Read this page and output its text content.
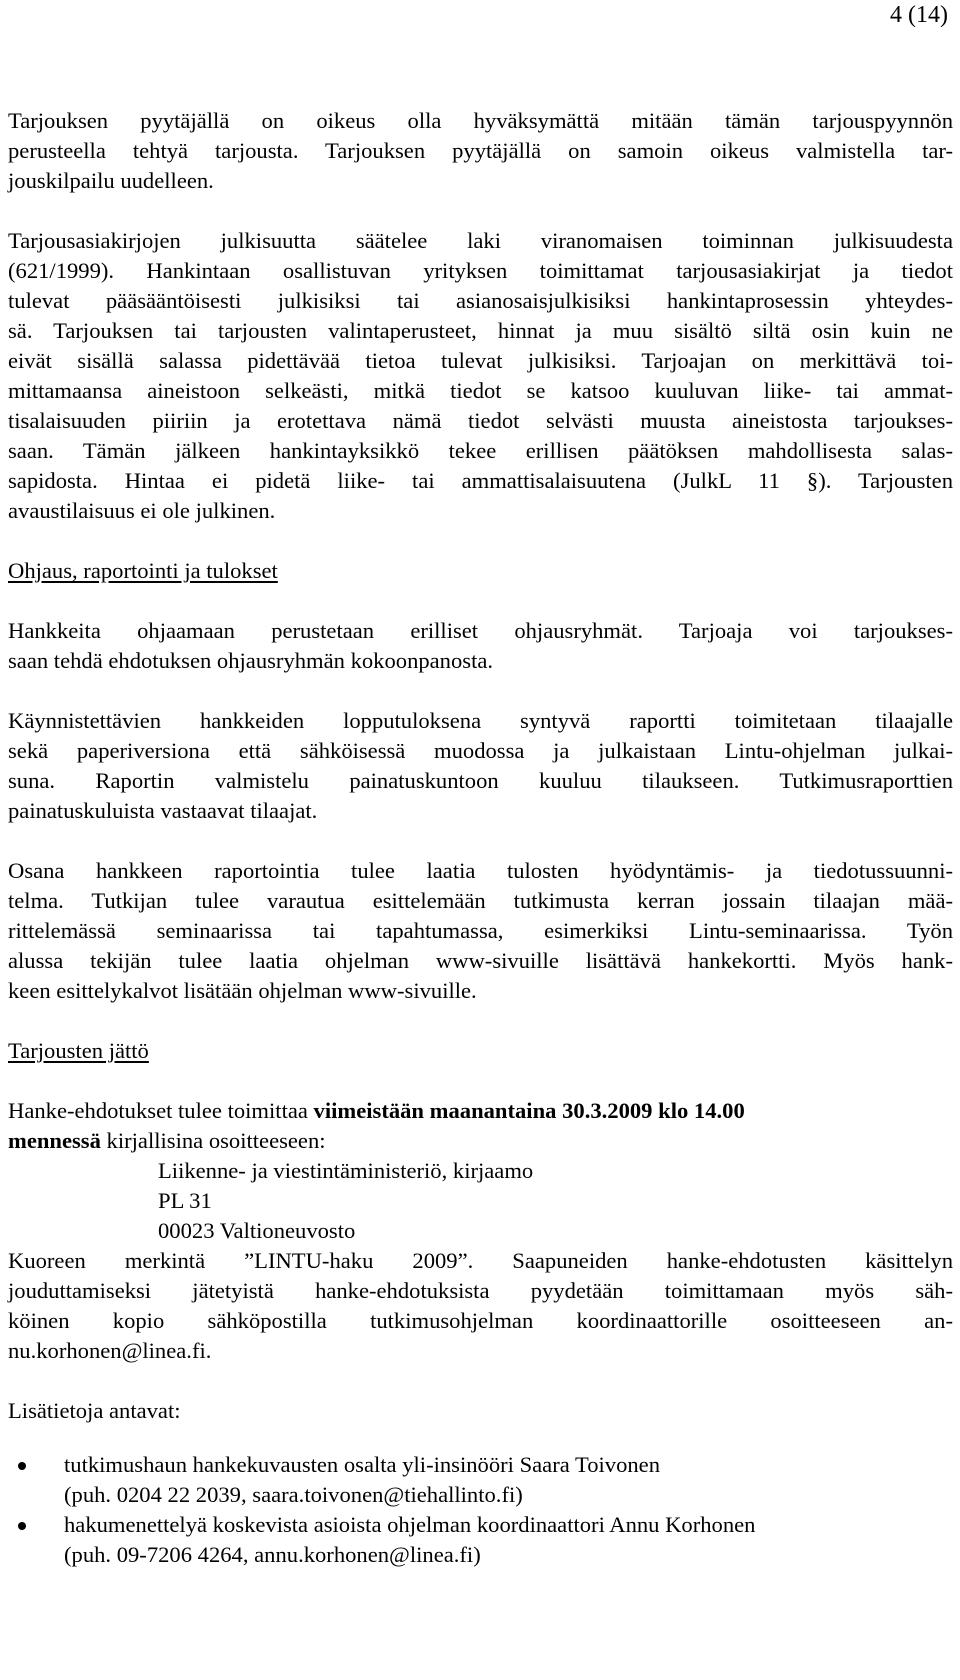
4 (14)
Tarjouksen pyytäjällä on oikeus olla hyväksymättä mitään tämän tarjouspyynnön
perusteella tehtyä tarjousta. Tarjouksen pyytäjällä on samoin oikeus valmistella tar-
jouskilpailu uudelleen.
Tarjousasiakirjojen julkisuutta säätelee laki viranomaisen toiminnan julkisuudesta
(621/1999). Hankintaan osallistuvan yrityksen toimittamat tarjousasiakirjat ja tiedot
tulevat pääsääntöisesti julkisiksi tai asianosaisjulkisiksi hankintaprosessin yhteydes-
sä. Tarjouksen tai tarjousten valintaperusteet, hinnat ja muu sisältö siltä osin kuin ne
eivät sisällä salassa pidettävää tietoa tulevat julkisiksi. Tarjoajan on merkittävä toi-
mittamaansa aineistoon selkeästi, mitkä tiedot se katsoo kuuluvan liike- tai ammat-
tisalaisuuden piiriin ja erotettava nämä tiedot selvästi muusta aineistosta tarjoukses-
saan. Tämän jälkeen hankintayksikkö tekee erillisen päätöksen mahdollisesta salas-
sapidosta. Hintaa ei pidetä liike- tai ammattisalaisuutena (JulkL 11 §). Tarjousten
avaustilaisuus ei ole julkinen.
Ohjaus, raportointi ja tulokset
Hankkeita ohjaamaan perustetaan erilliset ohjausryhmät. Tarjoaja voi tarjoukses-
saan tehdä ehdotuksen ohjausryhmän kokoonpanosta.
Käynnistettävien hankkeiden lopputuloksena syntyvä raportti toimitetaan tilaajalle
sekä paperiversiona että sähköisessä muodossa ja julkaistaan Lintu-ohjelman julkai-
suna. Raportin valmistelu painatuskuntoon kuuluu tilaukseen. Tutkimusraporttien
painatuskuluista vastaavat tilaajat.
Osana hankkeen raportointia tulee laatia tulosten hyödyntämis- ja tiedotussuunni-
telma. Tutkijan tulee varautua esittelemään tutkimusta kerran jossain tilaajan mää-
rittelemässä seminaarissa tai tapahtumassa, esimerkiksi Lintu-seminaarissa. Työn
alussa tekijän tulee laatia ohjelman www-sivuille lisättävä hankekortti. Myös hank-
keen esittelykalvot lisätään ohjelman www-sivuille.
Tarjousten jättö
Hanke-ehdotukset tulee toimittaa viimeistään maanantaina 30.3.2009 klo 14.00
mennessä kirjallisina osoitteeseen:
Liikenne- ja viestintäministeriö, kirjaamo
PL 31
00023 Valtioneuvosto
Kuoreen merkintä ”LINTU-haku 2009”. Saapuneiden hanke-ehdotusten käsittelyn
jouduttamiseksi jätetyistä hanke-ehdotuksista pyydetään toimittamaan myös säh-
köinen kopio sähköpostilla tutkimusohjelman koordinaattorille osoitteeseen an-
nu.korhonen@linea.fi.
Lisätietoja antavat:
tutkimushaun hankekuvausten osalta yli-insinööri Saara Toivonen
(puh. 0204 22 2039, saara.toivonen@tiehallinto.fi)
hakumenettelyä koskevista asioista ohjelman koordinaattori Annu Korhonen
(puh. 09-7206 4264, annu.korhonen@linea.fi)
